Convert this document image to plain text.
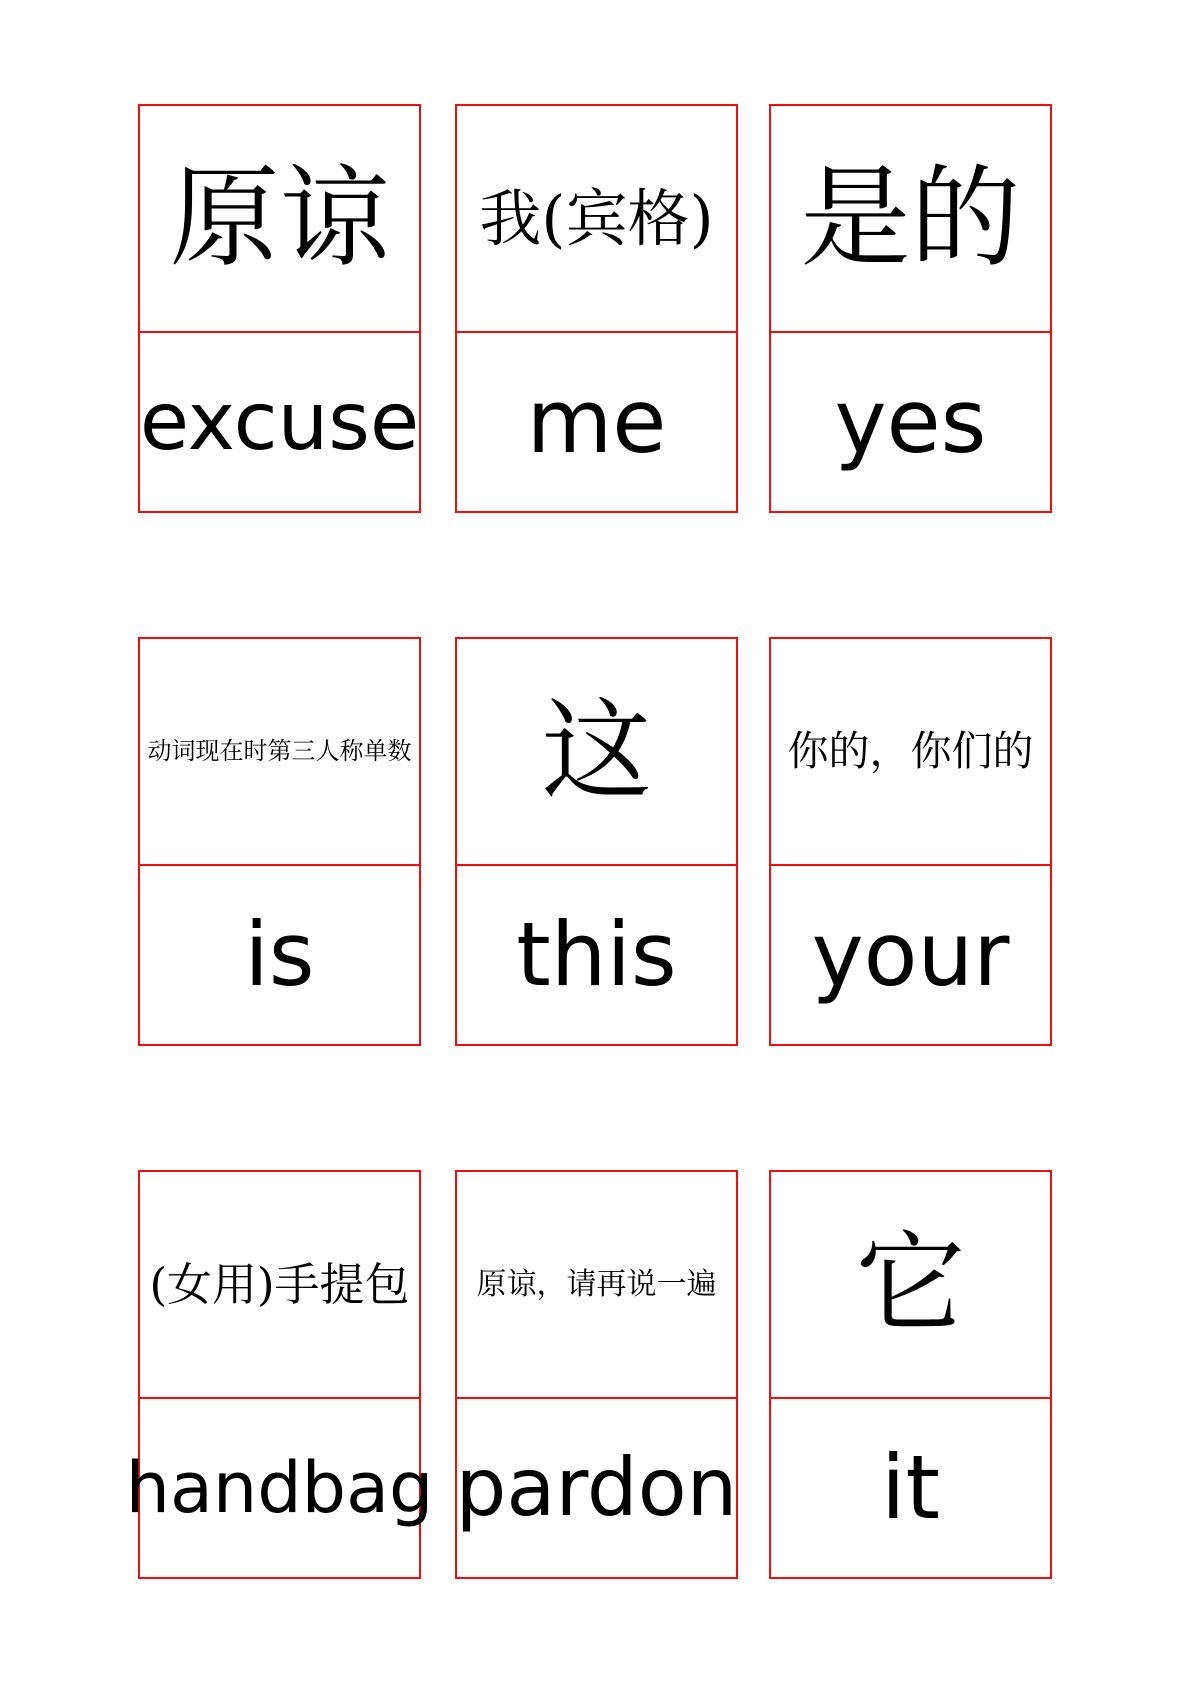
原谅
excuse
我(宾格)
me
是的
yes
动词现在时第三人称单数
is
这
this
你的，你们的
your
(女用)手提包
handbag
原谅，请再说一遍
pardon
它
it
